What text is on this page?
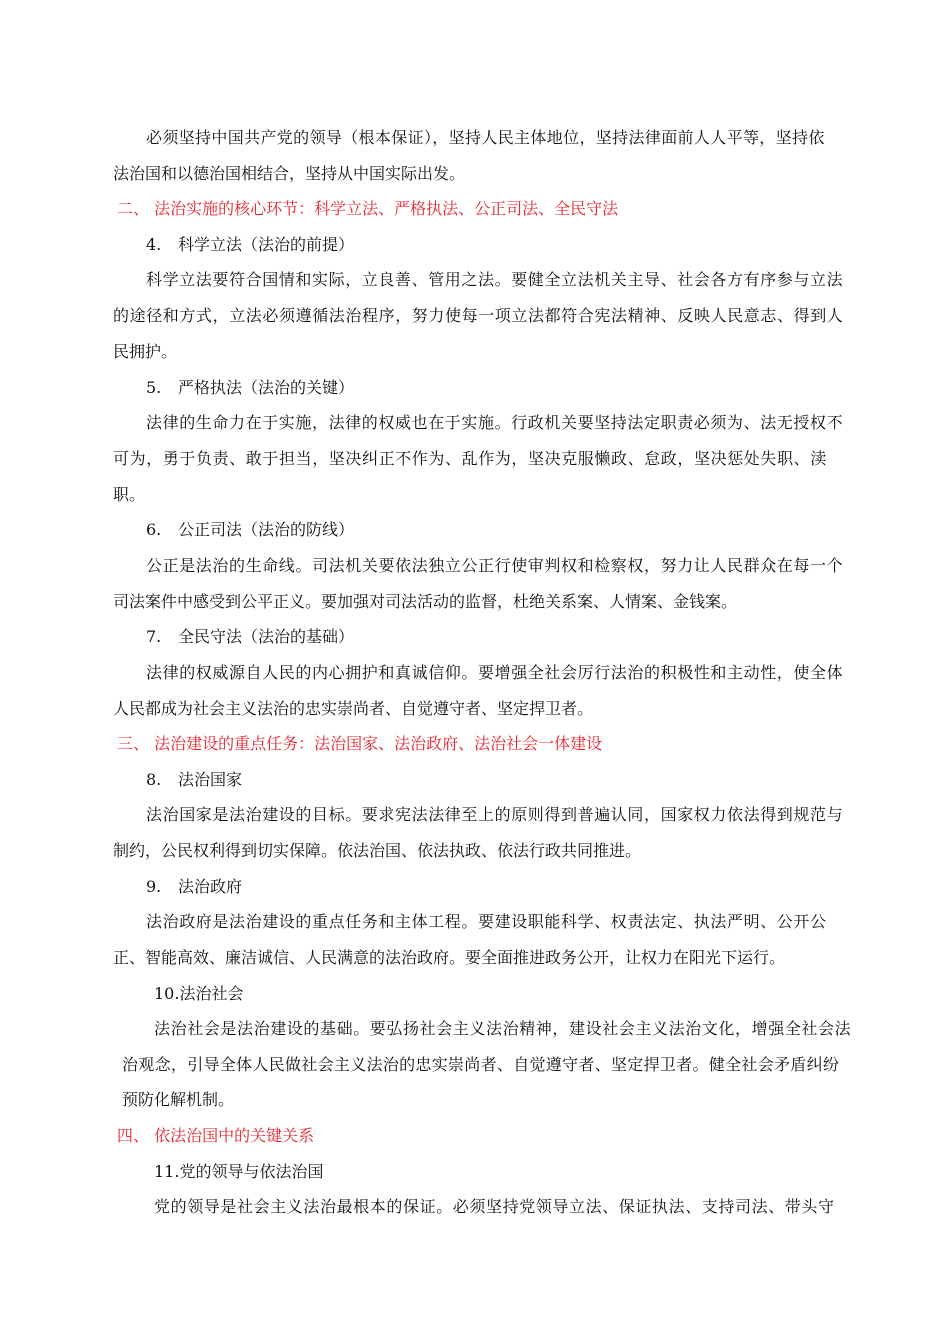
必须坚持中国共产党的领导（根本保证），坚持人民主体地位，坚持法律面前人人平等，坚持依
法治国和以德治国相结合，坚持从中国实际出发。
二、 法治实施的核心环节：科学立法、严格执法、公正司法、全民守法
4. 科学立法（法治的前提）
科学立法要符合国情和实际，立良善、管用之法。要健全立法机关主导、社会各方有序参与立法
的途径和方式，立法必须遵循法治程序，努力使每一项立法都符合宪法精神、反映人民意志、得到人
民拥护。
5. 严格执法（法治的关键）
法律的生命力在于实施，法律的权威也在于实施。行政机关要坚持法定职责必须为、法无授权不
可为，勇于负责、敢于担当，坚决纠正不作为、乱作为，坚决克服懒政、怠政，坚决惩处失职、渎
职。
6. 公正司法（法治的防线）
公正是法治的生命线。司法机关要依法独立公正行使审判权和检察权，努力让人民群众在每一个
司法案件中感受到公平正义。要加强对司法活动的监督，杜绝关系案、人情案、金钱案。
7. 全民守法（法治的基础）
法律的权威源自人民的内心拥护和真诚信仰。要增强全社会厉行法治的积极性和主动性，使全体
人民都成为社会主义法治的忠实崇尚者、自觉遵守者、坚定捍卫者。
三、 法治建设的重点任务：法治国家、法治政府、法治社会一体建设
8. 法治国家
法治国家是法治建设的目标。要求宪法法律至上的原则得到普遍认同，国家权力依法得到规范与
制约，公民权利得到切实保障。依法治国、依法执政、依法行政共同推进。
9. 法治政府
法治政府是法治建设的重点任务和主体工程。要建设职能科学、权责法定、执法严明、公开公
正、智能高效、廉洁诚信、人民满意的法治政府。要全面推进政务公开，让权力在阳光下运行。
10.法治社会
法治社会是法治建设的基础。要弘扬社会主义法治精神，建设社会主义法治文化，增强全社会法
治观念，引导全体人民做社会主义法治的忠实崇尚者、自觉遵守者、坚定捍卫者。健全社会矛盾纠纷
预防化解机制。
四、 依法治国中的关键关系
11.党的领导与依法治国
党的领导是社会主义法治最根本的保证。必须坚持党领导立法、保证执法、支持司法、带头守
